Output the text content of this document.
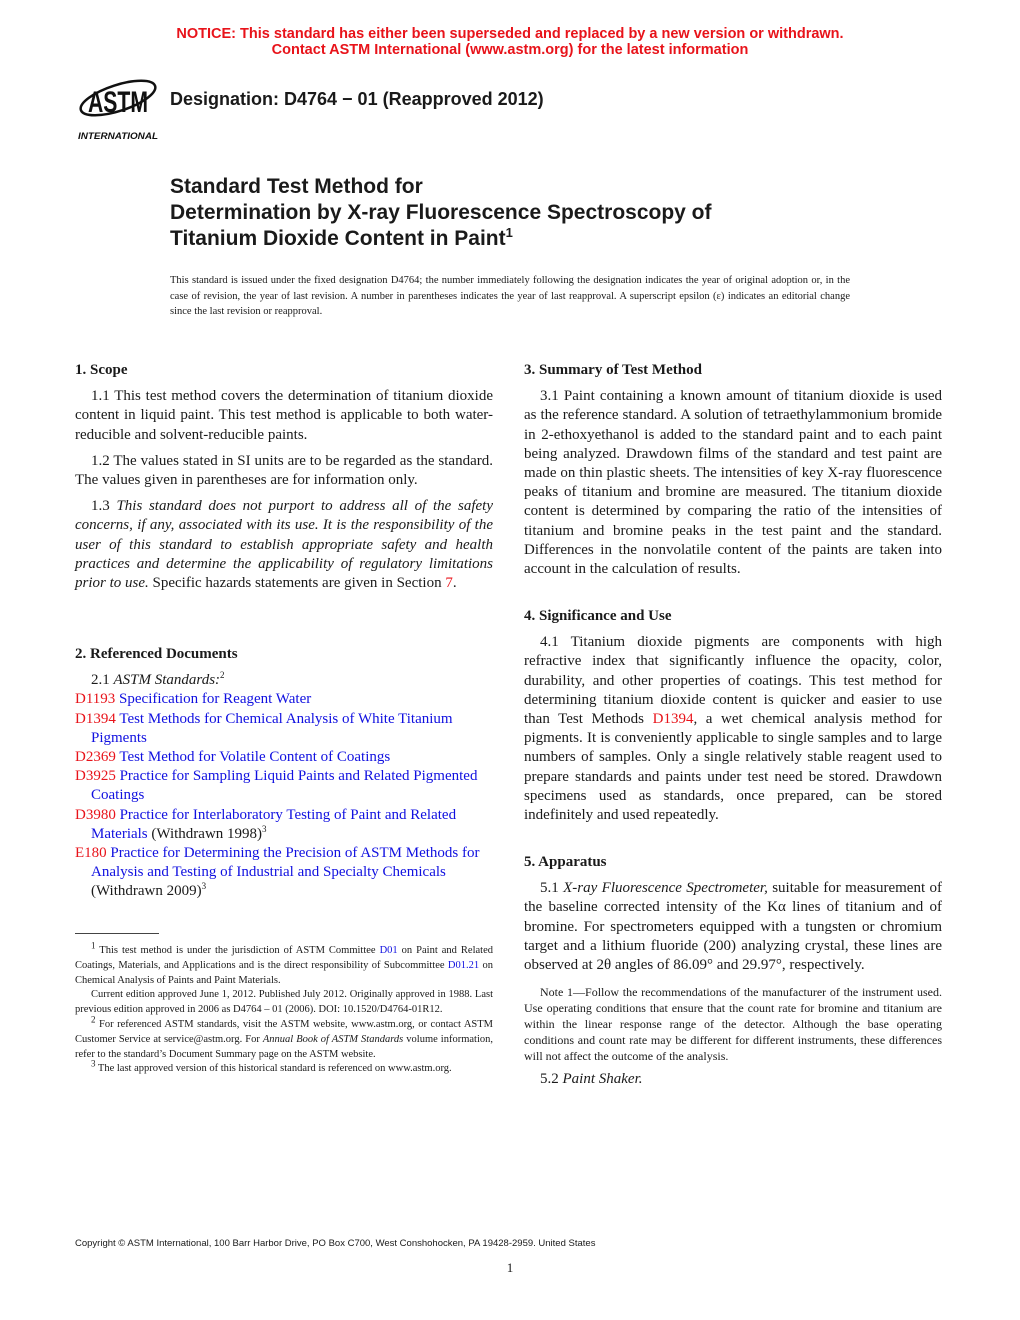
NOTICE: This standard has either been superseded and replaced by a new version or withdrawn.
Contact ASTM International (www.astm.org) for the latest information
ASTM
INTERNATIONAL
Designation: D4764 − 01 (Reapproved 2012)
Standard Test Method for
Determination by X-ray Fluorescence Spectroscopy of
Titanium Dioxide Content in Paint$^1$
This standard is issued under the fixed designation D4764; the number immediately following the designation indicates the year of original adoption or, in the case of revision, the year of last revision. A number in parentheses indicates the year of last reapproval. A superscript epsilon (ε) indicates an editorial change since the last revision or reapproval.
1. Scope

1.1 This test method covers the determination of titanium dioxide content in liquid paint. This test method is applicable to both water-reducible and solvent-reducible paints.

1.2 The values stated in SI units are to be regarded as the standard. The values given in parentheses are for information only.

1.3 This standard does not purport to address all of the safety concerns, if any, associated with its use. It is the responsibility of the user of this standard to establish appropriate safety and health practices and determine the applicability of regulatory limitations prior to use. Specific hazards statements are given in Section 7.

2. Referenced Documents

2.1 ASTM Standards:$^2$

D1193 Specification for Reagent Water

D1394 Test Methods for Chemical Analysis of White Titanium Pigments

D2369 Test Method for Volatile Content of Coatings

D3925 Practice for Sampling Liquid Paints and Related Pigmented Coatings

D3980 Practice for Interlaboratory Testing of Paint and Related Materials (Withdrawn 1998)$^3$

E180 Practice for Determining the Precision of ASTM Methods for Analysis and Testing of Industrial and Specialty Chemicals (Withdrawn 2009)$^3$

$^1$ This test method is under the jurisdiction of ASTM Committee D01 on Paint and Related Coatings, Materials, and Applications and is the direct responsibility of Subcommittee D01.21 on Chemical Analysis of Paints and Paint Materials.

Current edition approved June 1, 2012. Published July 2012. Originally approved in 1988. Last previous edition approved in 2006 as D4764 – 01 (2006). DOI: 10.1520/D4764-01R12.

$^2$ For referenced ASTM standards, visit the ASTM website, www.astm.org, or contact ASTM Customer Service at service@astm.org. For Annual Book of ASTM Standards volume information, refer to the standard’s Document Summary page on the ASTM website.

$^3$ The last approved version of this historical standard is referenced on www.astm.org.

3. Summary of Test Method

3.1 Paint containing a known amount of titanium dioxide is used as the reference standard. A solution of tetraethylammonium bromide in 2-ethoxyethanol is added to the standard paint and to each paint being analyzed. Drawdown films of the standard and test paint are made on thin plastic sheets. The intensities of key X-ray fluorescence peaks of titanium and bromine are measured. The titanium dioxide content is determined by comparing the ratio of the intensities of titanium and bromine peaks in the test paint and the standard. Differences in the nonvolatile content of the paints are taken into account in the calculation of results.

4. Significance and Use

4.1 Titanium dioxide pigments are components with high refractive index that significantly influence the opacity, color, durability, and other properties of coatings. This test method for determining titanium dioxide content is quicker and easier to use than Test Methods D1394, a wet chemical analysis method for pigments. It is conveniently applicable to single samples and to large numbers of samples. Only a single relatively stable reagent used to prepare standards and paints under test need be stored. Drawdown specimens used as standards, once prepared, can be stored indefinitely and used repeatedly.

5. Apparatus

5.1 X-ray Fluorescence Spectrometer, suitable for measurement of the baseline corrected intensity of the Kα lines of titanium and of bromine. For spectrometers equipped with a tungsten or chromium target and a lithium fluoride (200) analyzing crystal, these lines are observed at 2θ angles of 86.09° and 29.97°, respectively.

Note 1—Follow the recommendations of the manufacturer of the instrument used. Use operating conditions that ensure that the count rate for bromine and titanium are within the linear response range of the detector. Although the base operating conditions and count rate may be different for different instruments, these differences will not affect the outcome of the analysis.

5.2 Paint Shaker.

Copyright © ASTM International, 100 Barr Harbor Drive, PO Box C700, West Conshohocken, PA 19428-2959. United States
1
